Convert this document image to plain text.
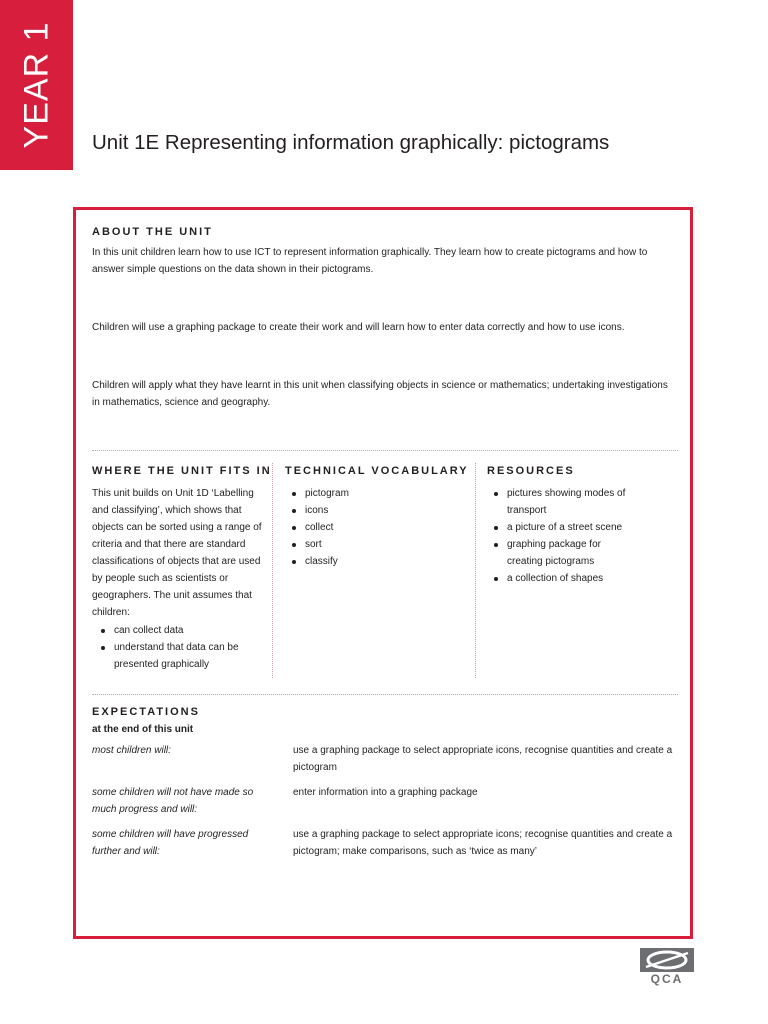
YEAR 1	Unit 1E Representing information graphically: pictograms
ABOUT THE UNIT

In this unit children learn how to use ICT to represent information graphically. They learn how to create pictograms and how to answer simple questions on the data shown in their pictograms.

Children will use a graphing package to create their work and will learn how to enter data correctly and how to use icons.

Children will apply what they have learnt in this unit when classifying objects in science or mathematics; undertaking investigations in mathematics, science and geography.

WHERE THE UNIT FITS IN

This unit builds on Unit 1D ‘Labelling and classifying’, which shows that objects can be sorted using a range of criteria and that there are standard classifications of objects that are used by people such as scientists or geographers. The unit assumes that children:

can collect data
understand that data can be presented graphically
TECHNICAL VOCABULARY
pictogram
icons
collect
sort
classify
RESOURCES
pictures showing modes of transport
a picture of a street scene
graphing package for creating pictograms
a collection of shapes
EXPECTATIONS
at the end of this unit
most children will:	use a graphing package to select appropriate icons, recognise quantities and create a pictogram
some children will not have made so much progress and will:
enter information into a graphing package
some children will have progressed further and will:
use a graphing package to select appropriate icons; recognise quantities and create a pictogram; make comparisons, such as ‘twice as many’
QCA
